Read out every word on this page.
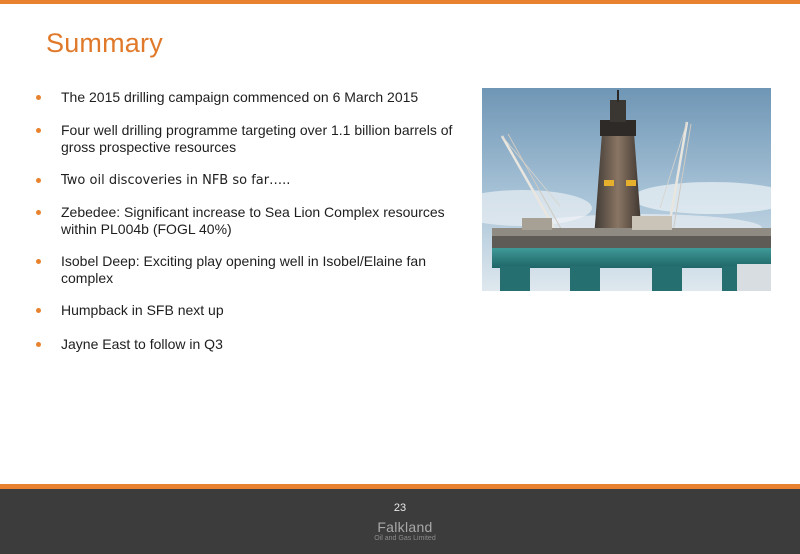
Summary
The 2015 drilling campaign commenced on 6 March 2015
Four well drilling programme targeting over 1.1 billion barrels of gross prospective resources
Two oil discoveries in NFB so far…..
Zebedee: Significant increase to Sea Lion Complex resources within PL004b (FOGL 40%)
Isobel Deep: Exciting play opening well in Isobel/Elaine fan complex
Humpback in SFB next up
Jayne East to follow in Q3
23
Falkland
Oil and Gas Limited
